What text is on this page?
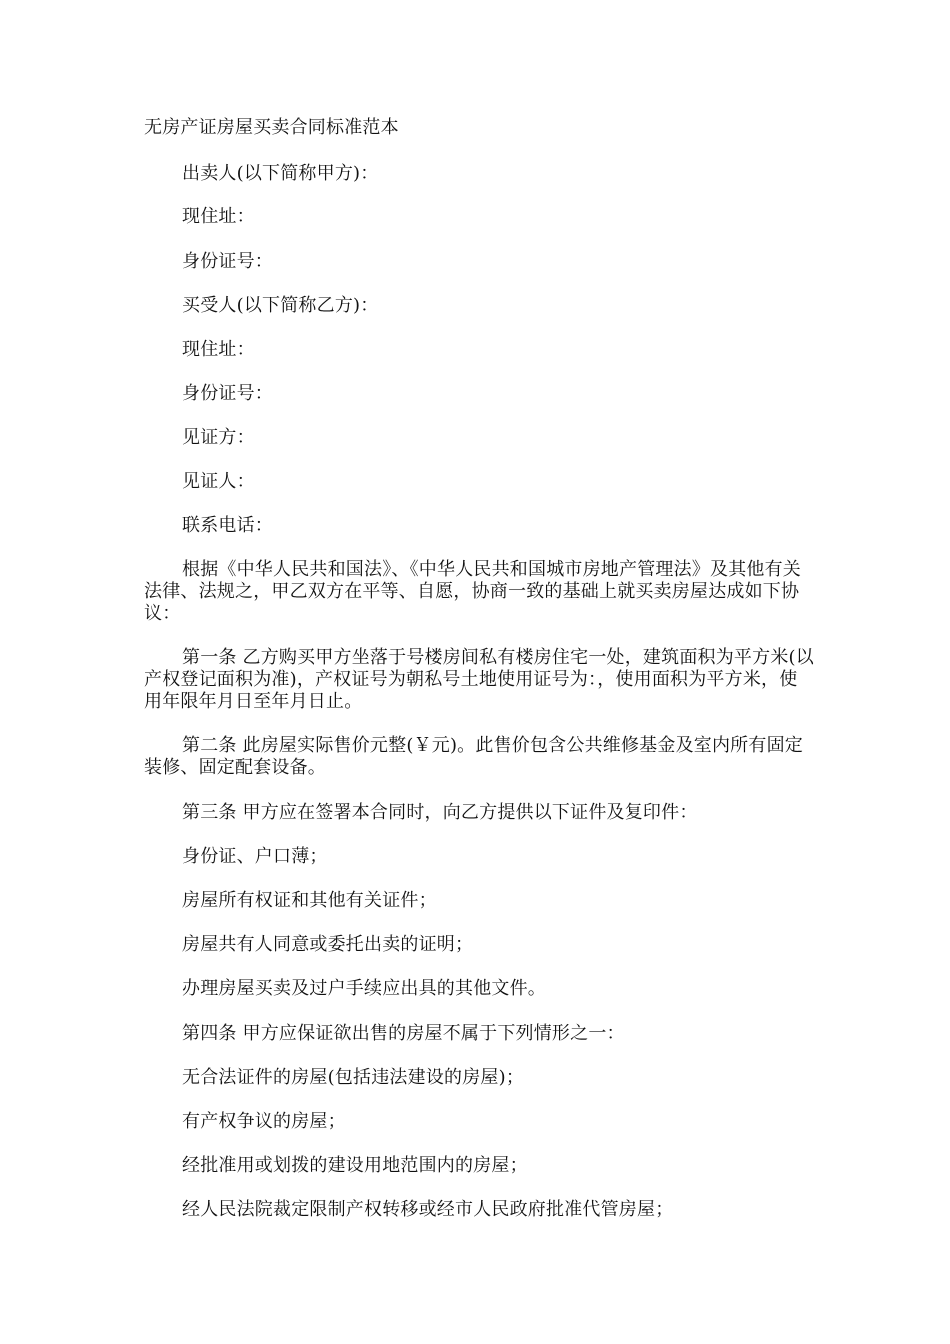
无房产证房屋买卖合同标准范本
出卖人(以下简称甲方)：
现住址：
身份证号：
买受人(以下简称乙方)：
现住址：
身份证号：
见证方：
见证人：
联系电话：
根据《中华人民共和国法》、《中华人民共和国城市房地产管理法》及其他有关法律、法规之，甲乙双方在平等、自愿，协商一致的基础上就买卖房屋达成如下协议：
第一条 乙方购买甲方坐落于号楼房间私有楼房住宅一处，建筑面积为平方米(以产权登记面积为准)，产权证号为朝私号土地使用证号为：，使用面积为平方米，使用年限年月日至年月日止。
第二条 此房屋实际售价元整(￥元)。此售价包含公共维修基金及室内所有固定装修、固定配套设备。
第三条 甲方应在签署本合同时，向乙方提供以下证件及复印件：
身份证、户口薄；
房屋所有权证和其他有关证件；
房屋共有人同意或委托出卖的证明；
办理房屋买卖及过户手续应出具的其他文件。
第四条 甲方应保证欲出售的房屋不属于下列情形之一：
无合法证件的房屋(包括违法建设的房屋)；
有产权争议的房屋；
经批准用或划拨的建设用地范围内的房屋；
经人民法院裁定限制产权转移或经市人民政府批准代管房屋；
